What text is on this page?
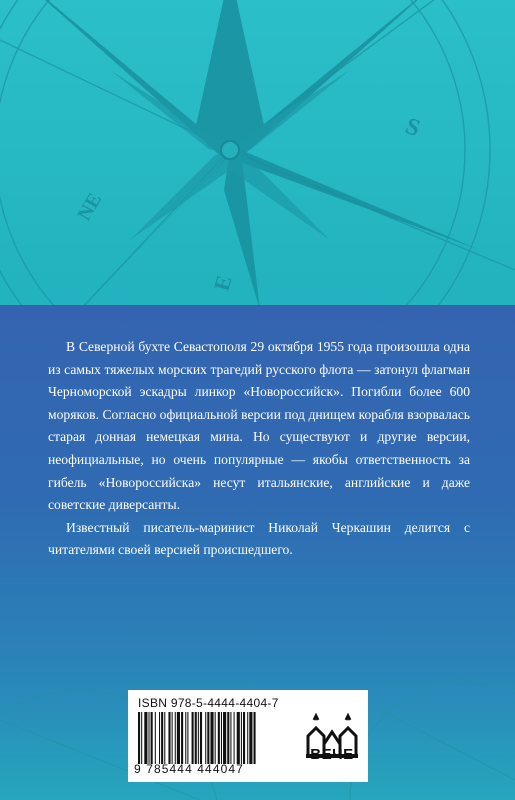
NE
E
S

В Северной бухте Севастополя 29 октября 1955 года произошла одна из самых тяжелых морских трагедий русского флота — затонул флагман Черноморской эскадры линкор «Новороссийск». Погибли более 600 моряков. Согласно официальной версии под днищем корабля взорвалась старая донная немецкая мина. Но существуют и другие версии, неофициальные, но очень популярные — якобы ответственность за гибель «Новороссийска» несут итальянские, английские и даже советские диверсанты.

Известный писатель-маринист Николай Черкашин делится с читателями своей версией происшедшего.

ISBN 978-5-4444-4404-7
9 785444 444047
ВЕЧЕ
